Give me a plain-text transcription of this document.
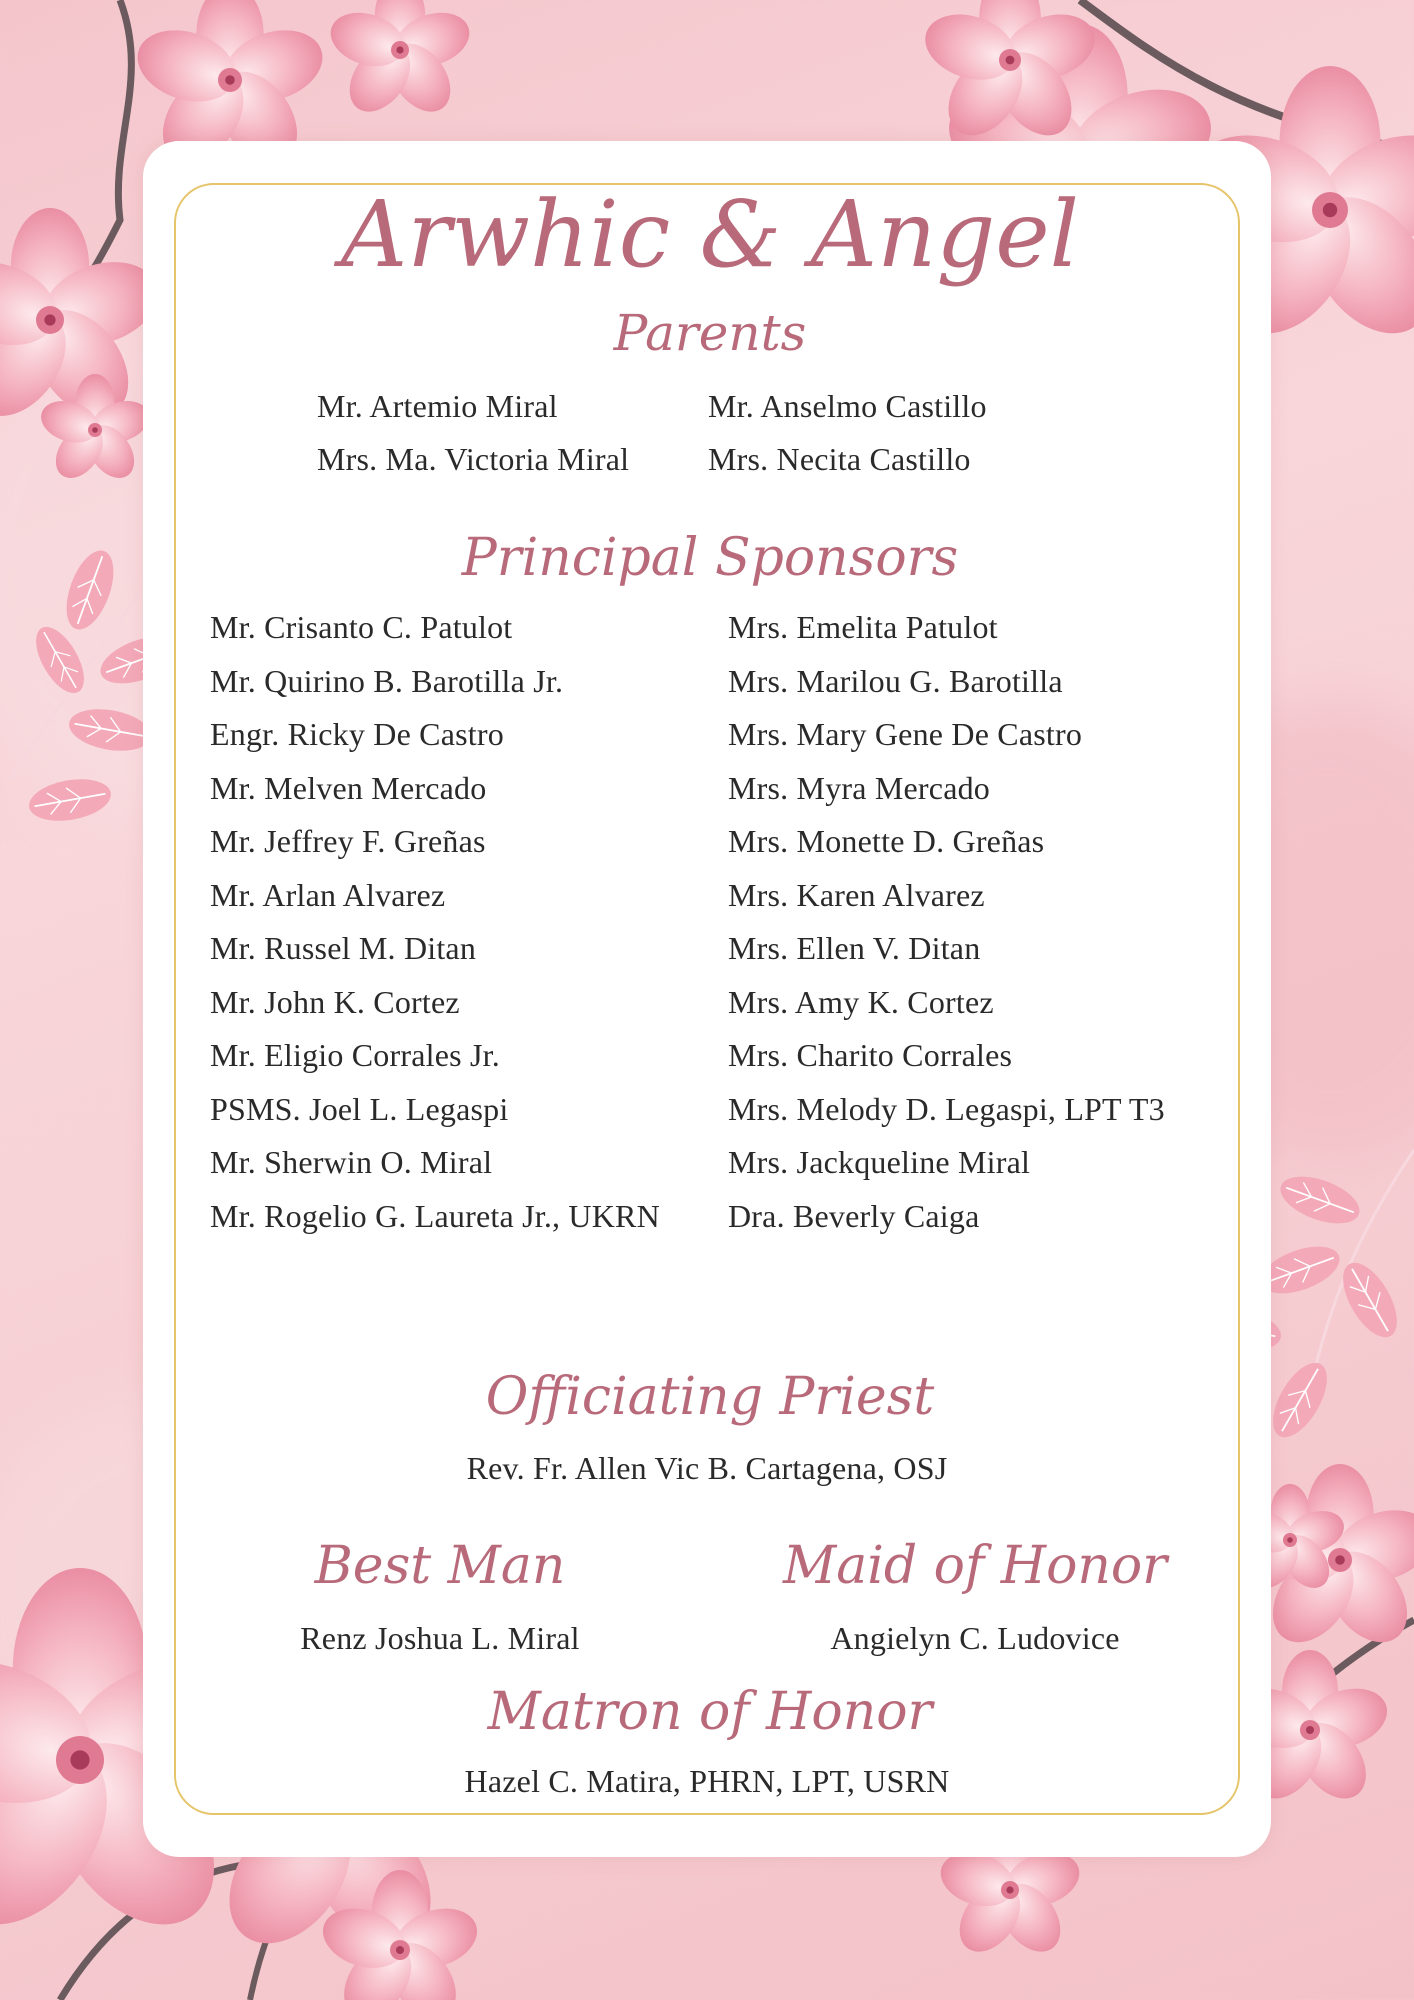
Arwhic & Angel
Parents
Mr. Artemio Miral
Mrs. Ma. Victoria Miral
Mr. Anselmo Castillo
Mrs. Necita Castillo
Principal Sponsors
Mr. Crisanto C. Patulot
Mr. Quirino B. Barotilla Jr.
Engr. Ricky De Castro
Mr. Melven Mercado
Mr. Jeffrey F. Greñas
Mr. Arlan Alvarez
Mr. Russel M. Ditan
Mr. John K. Cortez
Mr. Eligio Corrales Jr.
PSMS. Joel L. Legaspi
Mr. Sherwin O. Miral
Mr. Rogelio G. Laureta Jr., UKRN
Mrs. Emelita Patulot
Mrs. Marilou G. Barotilla
Mrs. Mary Gene De Castro
Mrs. Myra Mercado
Mrs. Monette D. Greñas
Mrs. Karen Alvarez
Mrs. Ellen V. Ditan
Mrs. Amy K. Cortez
Mrs. Charito Corrales
Mrs. Melody D. Legaspi, LPT T3
Mrs. Jackqueline Miral
Dra. Beverly Caiga
Officiating Priest
Rev. Fr. Allen Vic B. Cartagena, OSJ
Best Man
Renz Joshua L. Miral
Maid of Honor
Angielyn C. Ludovice
Matron of Honor
Hazel C. Matira, PHRN, LPT, USRN
